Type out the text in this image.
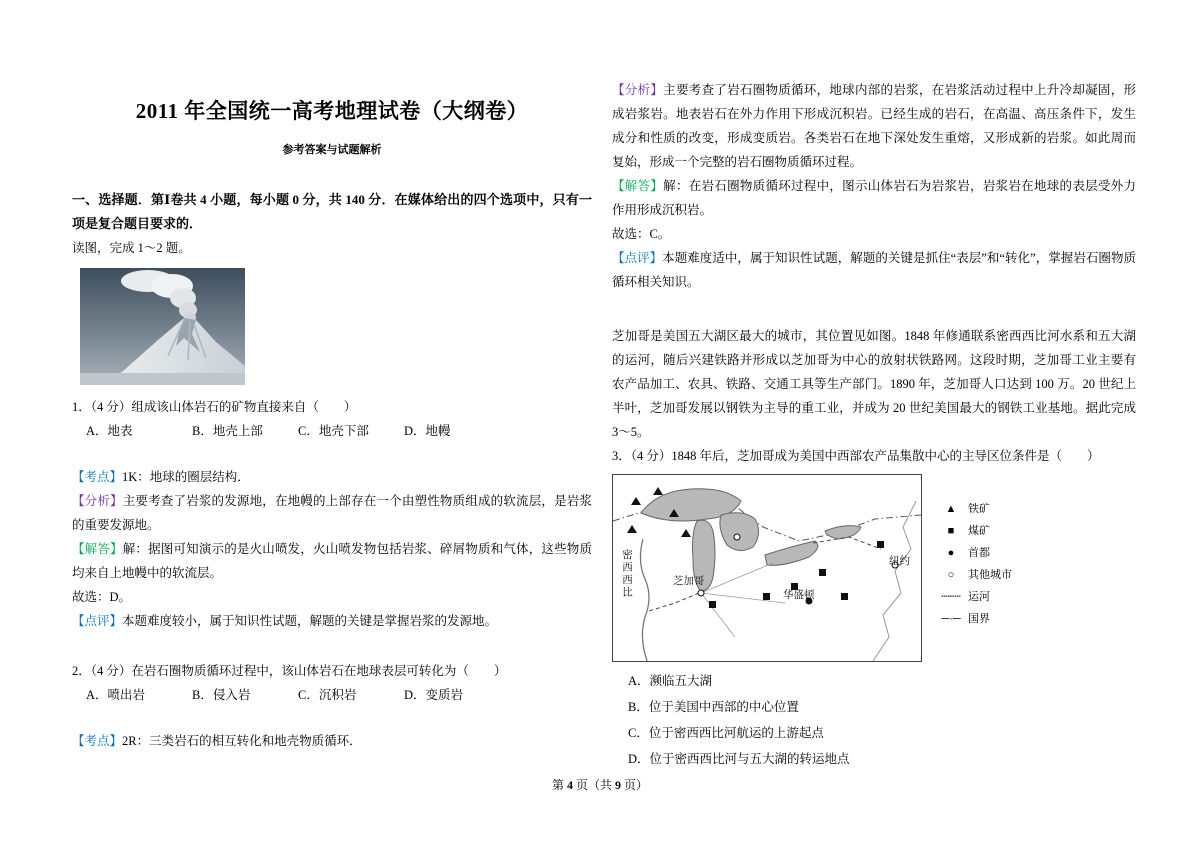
2011 年全国统一高考地理试卷（大纲卷）
参考答案与试题解析

一、选择题．第Ⅰ卷共 4 小题，每小题 0 分，共 140 分．在媒体给出的四个选项中，只有一项是复合题目要求的．

读图，完成 1～2 题。

1．（4 分）组成该山体岩石的矿物直接来自（　　）

A．地表	B．地壳上部	C．地壳下部	D．地幔

【考点】1K：地球的圈层结构．

【分析】主要考查了岩浆的发源地，在地幔的上部存在一个由塑性物质组成的软流层，是岩浆的重要发源地。

【解答】解：据图可知演示的是火山喷发，火山喷发物包括岩浆、碎屑物质和气体，这些物质均来自上地幔中的软流层。

故选：D。

【点评】本题难度较小，属于知识性试题，解题的关键是掌握岩浆的发源地。

2．（4 分）在岩石圈物质循环过程中，该山体岩石在地球表层可转化为（　　）

A．喷出岩	B．侵入岩	C．沉积岩	D．变质岩

【考点】2R：三类岩石的相互转化和地壳物质循环．

【分析】主要考查了岩石圈物质循环，地球内部的岩浆，在岩浆活动过程中上升冷却凝固，形成岩浆岩。地表岩石在外力作用下形成沉积岩。已经生成的岩石，在高温、高压条件下，发生成分和性质的改变，形成变质岩。各类岩石在地下深处发生重熔，又形成新的岩浆。如此周而复始，形成一个完整的岩石圈物质循环过程。

【解答】解：在岩石圈物质循环过程中，图示山体岩石为岩浆岩，岩浆岩在地球的表层受外力作用形成沉积岩。

故选：C。

【点评】本题难度适中，属于知识性试题，解题的关键是抓住“表层”和“转化”，掌握岩石圈物质循环相关知识。

芝加哥是美国五大湖区最大的城市，其位置见如图。1848 年修通联系密西西比河水系和五大湖的运河，随后兴建铁路并形成以芝加哥为中心的放射状铁路网。这段时期，芝加哥工业主要有农产品加工、农具、铁路、交通工具等生产部门。1890 年，芝加哥人口达到 100 万。20 世纪上半叶，芝加哥发展以钢铁为主导的重工业，并成为 20 世纪美国最大的钢铁工业基地。据此完成 3～5。

3．（4 分）1848 年后，芝加哥成为美国中西部农产品集散中心的主导区位条件是（　　）

密西西比	芝加哥
华盛顿
纽约
▲	铁矿
■	煤矿
●	首都
○	其他城市
┄┄┄ 运河
─·─ 国界

A．濒临五大湖

B．位于美国中西部的中心位置

C．位于密西西比河航运的上游起点

D．位于密西西比河与五大湖的转运地点

第 4 页（共 9 页）
